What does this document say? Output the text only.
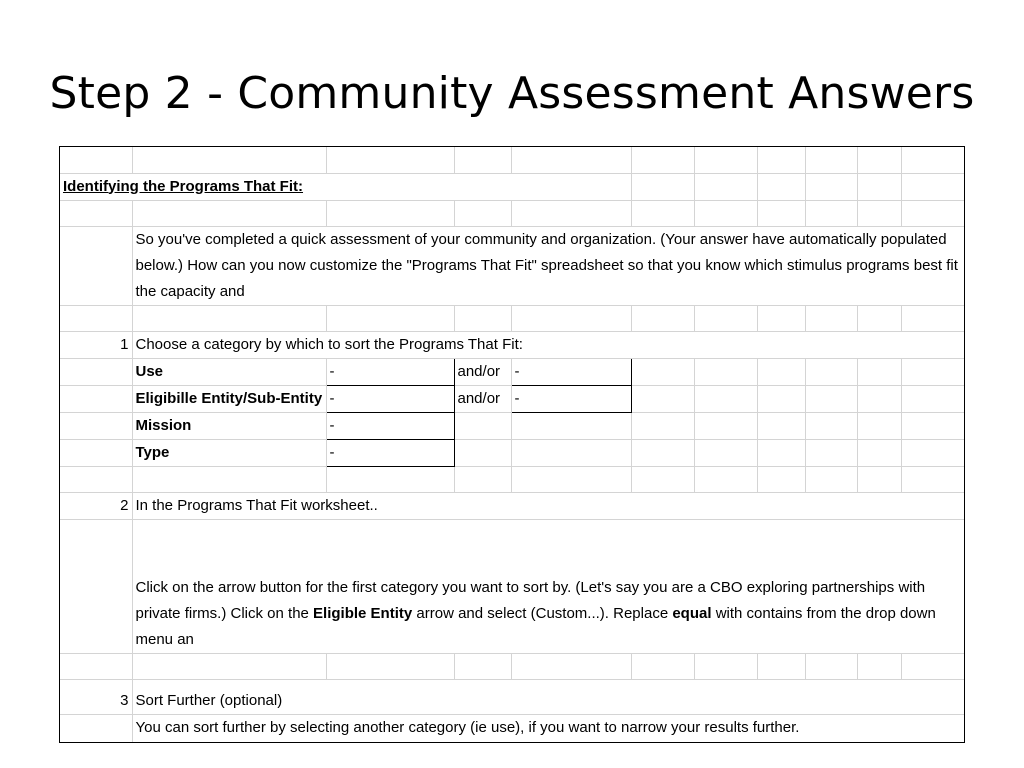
Step 2 - Community Assessment Answers

Identifying the Programs That Fit:										

	So you've completed a quick assessment of your community and organization. (Your answer have automatically populated below.) How can you now customize the "Programs That Fit" spreadsheet so that you know which stimulus programs best fit the capacity and									

1	Choose a category by which to sort the Programs That Fit:									
	Use	-	and/or	-						
	Eligibille Entity/Sub-Entity	-	and/or	-						
	Mission	-								
	Type	-								

2	In the Programs That Fit worksheet..									
	Click on the arrow button for the first category you want to sort by. (Let's say you are a CBO exploring partnerships with private firms.) Click on the Eligible Entity arrow and select (Custom...). Replace equal with contains from the drop down menu an									

3	Sort Further (optional)									
	You can sort further by selecting another category (ie use), if you want to narrow your results further.									
